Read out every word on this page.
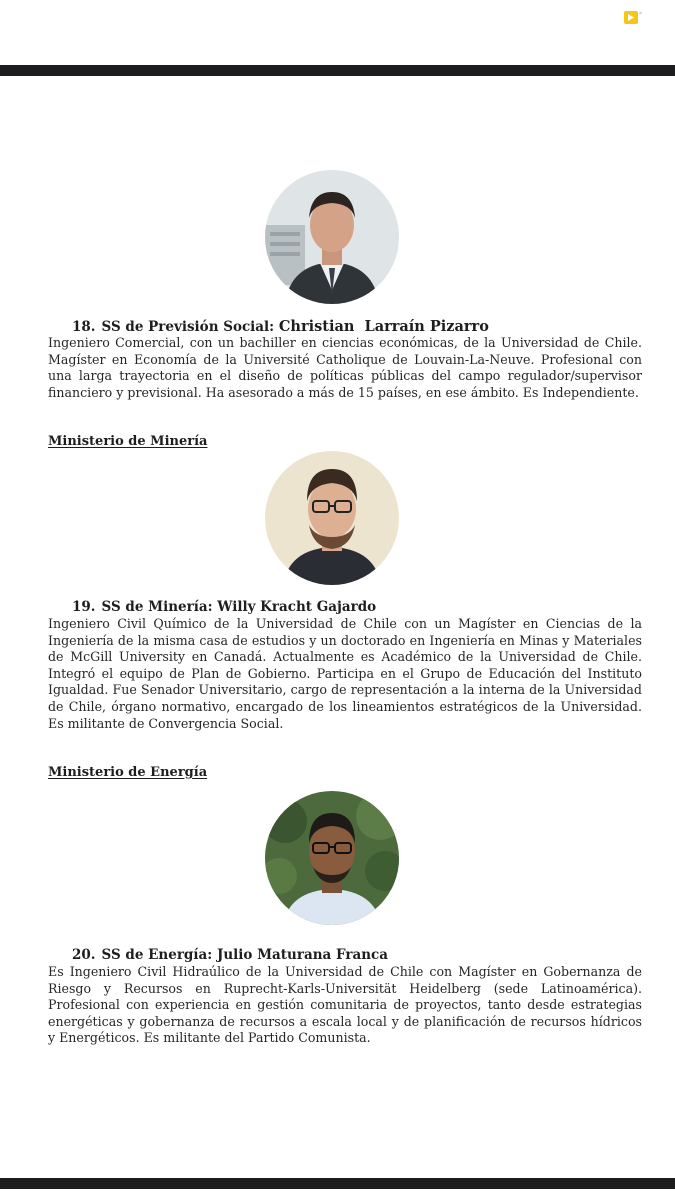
18. SS de Previsión Social: Christian  Larraín Pizarro

Ingeniero Comercial, con un bachiller en ciencias económicas, de la Universidad de Chile. Magíster en Economía de la Université Catholique de Louvain-La-Neuve. Profesional con una larga trayectoria en el diseño de políticas públicas del campo regulador/supervisor financiero y previsional. Ha asesorado a más de 15 países, en ese ámbito. Es Independiente.

Ministerio de Minería
19. SS de Minería: Willy Kracht Gajardo

Ingeniero Civil Químico de la Universidad de Chile con un Magíster en Ciencias de la Ingeniería de la misma casa de estudios y un doctorado en Ingeniería en Minas y Materiales de McGill University en Canadá. Actualmente es Académico de la Universidad de Chile. Integró el equipo de Plan de Gobierno. Participa en el Grupo de Educación del Instituto Igualdad. Fue Senador Universitario, cargo de representación a la interna de la Universidad de Chile, órgano normativo, encargado de los lineamientos estratégicos de la Universidad. Es militante de Convergencia Social.

Ministerio de Energía
20. SS de Energía: Julio Maturana Franca

Es Ingeniero Civil Hidraúlico de la Universidad de Chile con Magíster en Gobernanza de Riesgo y Recursos en Ruprecht-Karls-Universität Heidelberg (sede Latinoamérica). Profesional con experiencia en gestión comunitaria de proyectos, tanto desde estrategias energéticas y gobernanza de recursos a escala local y de planificación de recursos hídricos y Energéticos. Es militante del Partido Comunista.
